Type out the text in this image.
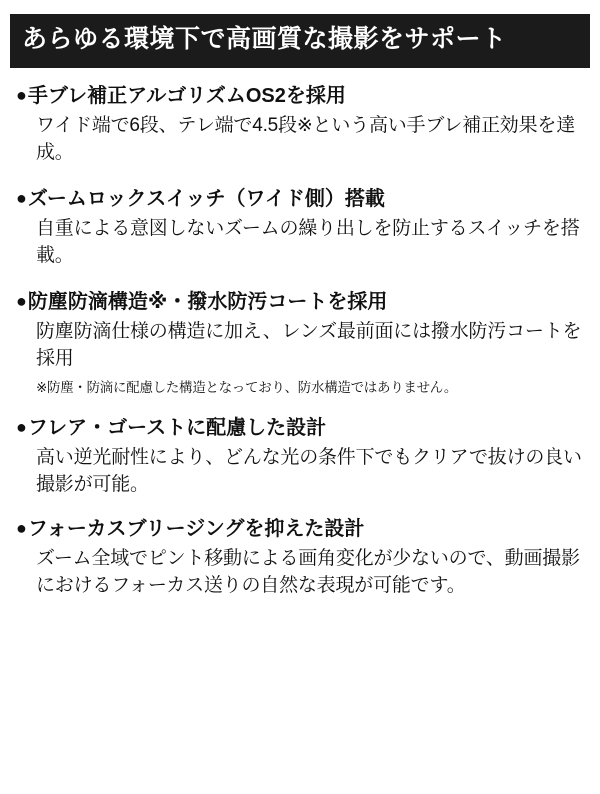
あらゆる環境下で高画質な撮影をサポート
● 手ブレ補正アルゴリズムOS2を採用
ワイド端で6段、テレ端で4.5段※という高い手ブレ補正効果を達成。
● ズームロックスイッチ（ワイド側）搭載
自重による意図しないズームの繰り出しを防止するスイッチを搭載。
● 防塵防滴構造※・撥水防汚コートを採用
防塵防滴仕様の構造に加え、レンズ最前面には撥水防汚コートを採用
※防塵・防滴に配慮した構造となっており、防水構造ではありません。
● フレア・ゴーストに配慮した設計
高い逆光耐性により、どんな光の条件下でもクリアで抜けの良い撮影が可能。
● フォーカスブリージングを抑えた設計
ズーム全域でピント移動による画角変化が少ないので、動画撮影におけるフォーカス送りの自然な表現が可能です。
